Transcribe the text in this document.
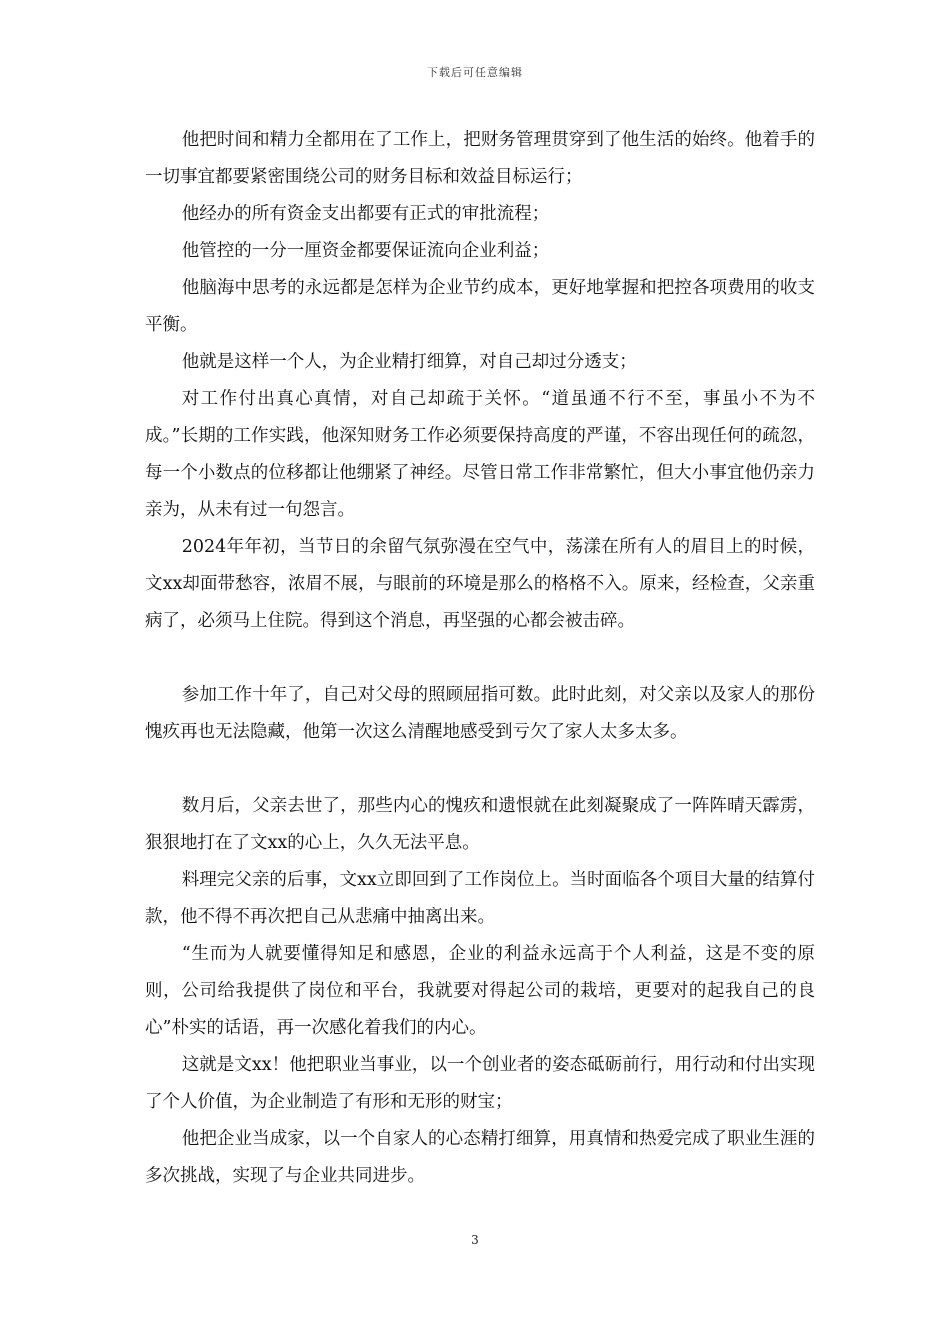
下载后可任意编辑

他把时间和精力全都用在了工作上，把财务管理贯穿到了他生活的始终。他着手的一切事宜都要紧密围绕公司的财务目标和效益目标运行；

他经办的所有资金支出都要有正式的审批流程；

他管控的一分一厘资金都要保证流向企业利益；

他脑海中思考的永远都是怎样为企业节约成本，更好地掌握和把控各项费用的收支平衡。

他就是这样一个人，为企业精打细算，对自己却过分透支；

对工作付出真心真情，对自己却疏于关怀。“道虽通不行不至，事虽小不为不成。”长期的工作实践，他深知财务工作必须要保持高度的严谨，不容出现任何的疏忽，每一个小数点的位移都让他绷紧了神经。尽管日常工作非常繁忙，但大小事宜他仍亲力亲为，从未有过一句怨言。

2024年年初，当节日的余留气氛弥漫在空气中，荡漾在所有人的眉目上的时候，文xx却面带愁容，浓眉不展，与眼前的环境是那么的格格不入。原来，经检查，父亲重病了，必须马上住院。得到这个消息，再坚强的心都会被击碎。

参加工作十年了，自己对父母的照顾屈指可数。此时此刻，对父亲以及家人的那份愧疚再也无法隐藏，他第一次这么清醒地感受到亏欠了家人太多太多。

数月后，父亲去世了，那些内心的愧疚和遗恨就在此刻凝聚成了一阵阵晴天霹雳，狠狠地打在了文xx的心上，久久无法平息。

料理完父亲的后事，文xx立即回到了工作岗位上。当时面临各个项目大量的结算付款，他不得不再次把自己从悲痛中抽离出来。

“生而为人就要懂得知足和感恩，企业的利益永远高于个人利益，这是不变的原则，公司给我提供了岗位和平台，我就要对得起公司的栽培，更要对的起我自己的良心”朴实的话语，再一次感化着我们的内心。

这就是文xx！他把职业当事业，以一个创业者的姿态砥砺前行，用行动和付出实现了个人价值，为企业制造了有形和无形的财宝；

他把企业当成家，以一个自家人的心态精打细算，用真情和热爱完成了职业生涯的多次挑战，实现了与企业共同进步。

3
